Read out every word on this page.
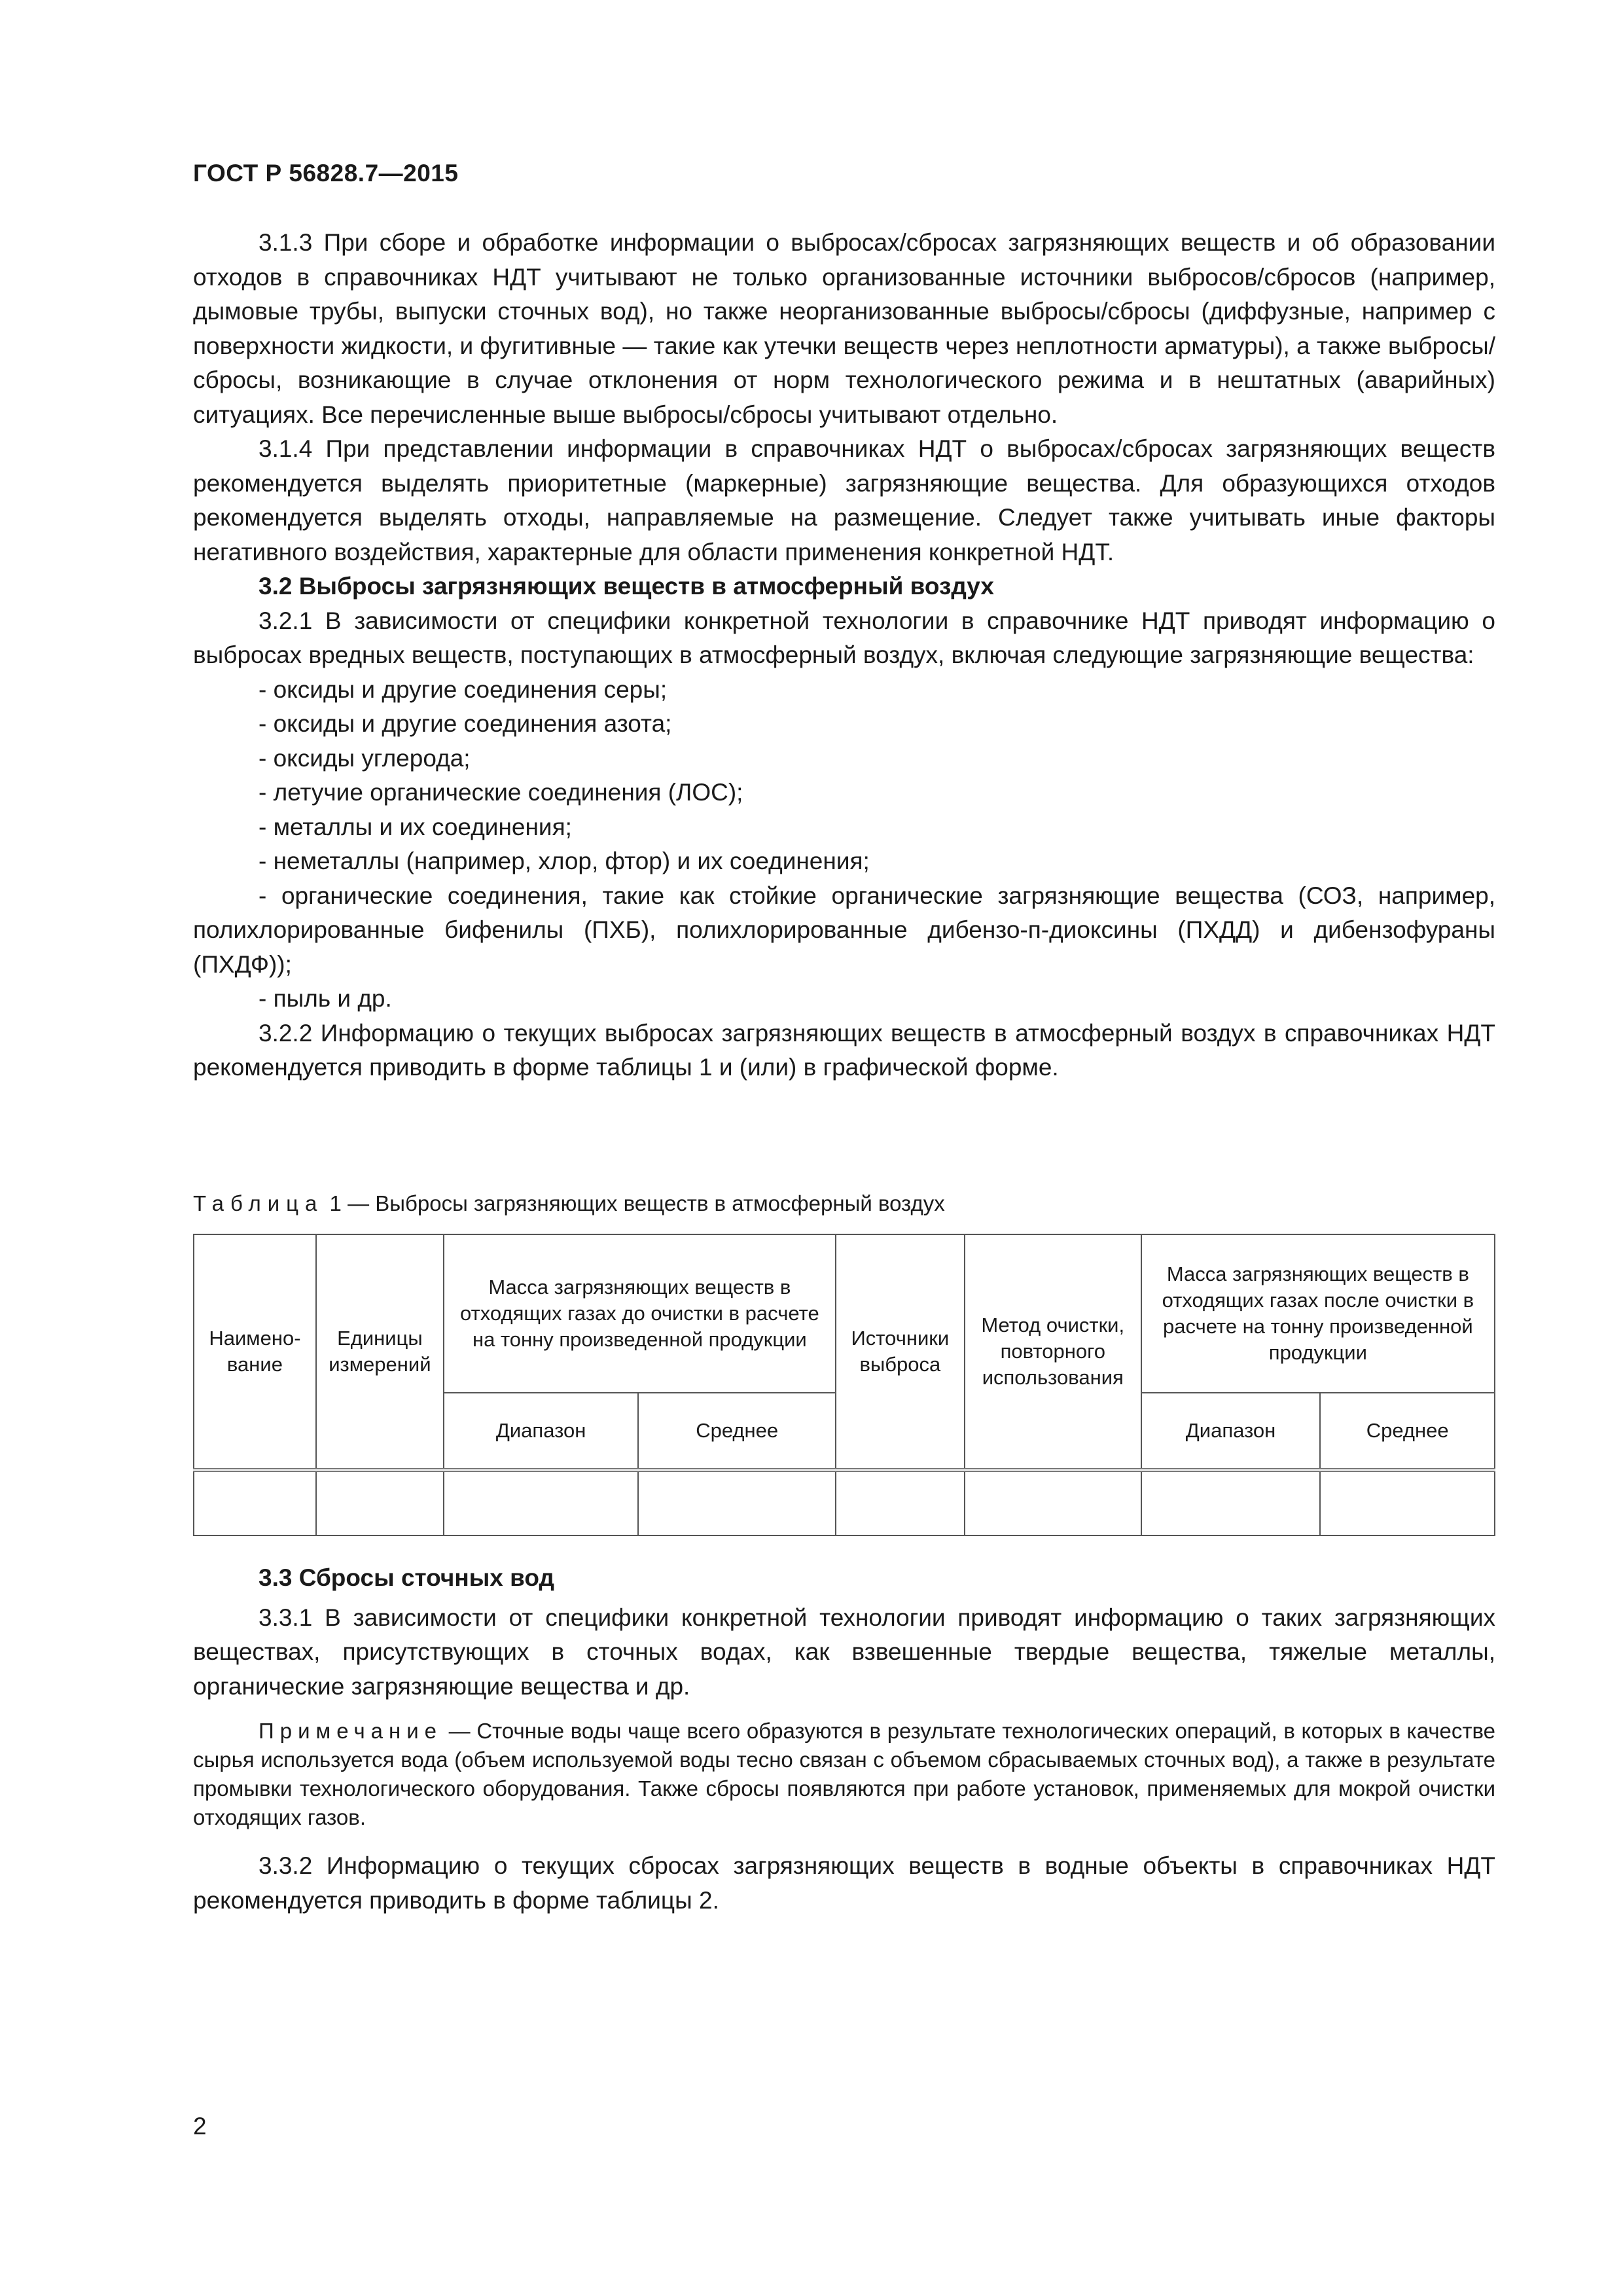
ГОСТ Р 56828.7—2015

3.1.3 При сборе и обработке информации о выбросах/сбросах загрязняющих веществ и об образовании отходов в справочниках НДТ учитывают не только организованные источники выбросов/сбросов (например, дымовые трубы, выпуски сточных вод), но также неорганизованные выбросы/сбросы (диффузные, например с поверхности жидкости, и фугитивные — такие как утечки веществ через неплотности арматуры), а также выбросы/сбросы, возникающие в случае отклонения от норм технологического режима и в нештатных (аварийных) ситуациях. Все перечисленные выше выбросы/сбросы учитывают отдельно.

3.1.4 При представлении информации в справочниках НДТ о выбросах/сбросах загрязняющих веществ рекомендуется выделять приоритетные (маркерные) загрязняющие вещества. Для образующихся отходов рекомендуется выделять отходы, направляемые на размещение. Следует также учитывать иные факторы негативного воздействия, характерные для области применения конкретной НДТ.

3.2 Выбросы загрязняющих веществ в атмосферный воздух

3.2.1 В зависимости от специфики конкретной технологии в справочнике НДТ приводят информацию о выбросах вредных веществ, поступающих в атмосферный воздух, включая следующие загрязняющие вещества:

- оксиды и другие соединения серы;
- оксиды и другие соединения азота;
- оксиды углерода;
- летучие органические соединения (ЛОС);
- металлы и их соединения;
- неметаллы (например, хлор, фтор) и их соединения;
- органические соединения, такие как стойкие органические загрязняющие вещества (СОЗ, например, полихлорированные бифенилы (ПХБ), полихлорированные дибензо-п-диоксины (ПХДД) и дибензофураны (ПХДФ));
- пыль и др.

3.2.2 Информацию о текущих выбросах загрязняющих веществ в атмосферный воздух в справочниках НДТ рекомендуется приводить в форме таблицы 1 и (или) в графической форме.

Таблица 1 — Выбросы загрязняющих веществ в атмосферный воздух
Наимено-вание	Единицы измерений	Масса загрязняющих веществ в отходящих газах до очистки в расчете на тонну произведенной продукции		Источники выброса	Метод очистки, повторного использования	Масса загрязняющих веществ в отходящих газах после очистки в расчете на тонну произведенной продукции	
		Диапазон	Среднее			Диапазон	Среднее

3.3 Сбросы сточных вод

3.3.1 В зависимости от специфики конкретной технологии приводят информацию о таких загрязняющих веществах, присутствующих в сточных водах, как взвешенные твердые вещества, тяжелые металлы, органические загрязняющие вещества и др.

Примечание — Сточные воды чаще всего образуются в результате технологических операций, в которых в качестве сырья используется вода (объем используемой воды тесно связан с объемом сбрасываемых сточных вод), а также в результате промывки технологического оборудования. Также сбросы появляются при работе установок, применяемых для мокрой очистки отходящих газов.

3.3.2 Информацию о текущих сбросах загрязняющих веществ в водные объекты в справочниках НДТ рекомендуется приводить в форме таблицы 2.

2
